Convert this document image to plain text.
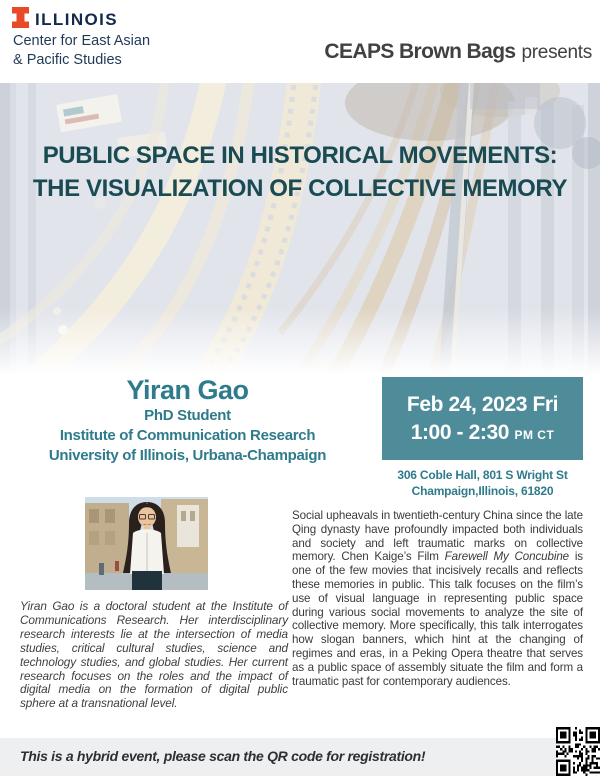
ILLINOIS
Center for East Asian
& Pacific Studies	CEAPS Brown Bags presents
PUBLIC SPACE IN HISTORICAL MOVEMENTS:
THE VISUALIZATION OF COLLECTIVE MEMORY
Yiran Gao
PhD Student
Institute of Communication Research
University of Illinois, Urbana-Champaign
Feb 24, 2023 Fri
1:00 - 2:30 PM CT
306 Coble Hall, 801 S Wright St
Champaign,Illinois, 61820
Yiran Gao is a doctoral student at the Institute of Communications Research. Her interdisciplinary research interests lie at the intersection of media studies, critical cultural studies, science and technology studies, and global studies. Her current research focuses on the roles and the impact of digital media on the formation of digital public sphere at a transnational level.
Social upheavals in twentieth-century China since the late Qing dynasty have profoundly impacted both individuals and society and left traumatic marks on collective memory. Chen Kaige’s Film Farewell My Concubine is one of the few movies that incisively recalls and reflects these memories in public. This talk focuses on the film’s use of visual language in representing public space during various social movements to analyze the site of collective memory. More specifically, this talk interrogates how slogan banners, which hint at the changing of regimes and eras, in a Peking Opera theatre that serves as a public space of assembly situate the film and form a traumatic past for contemporary audiences.
This is a hybrid event, please scan the QR code for registration!
